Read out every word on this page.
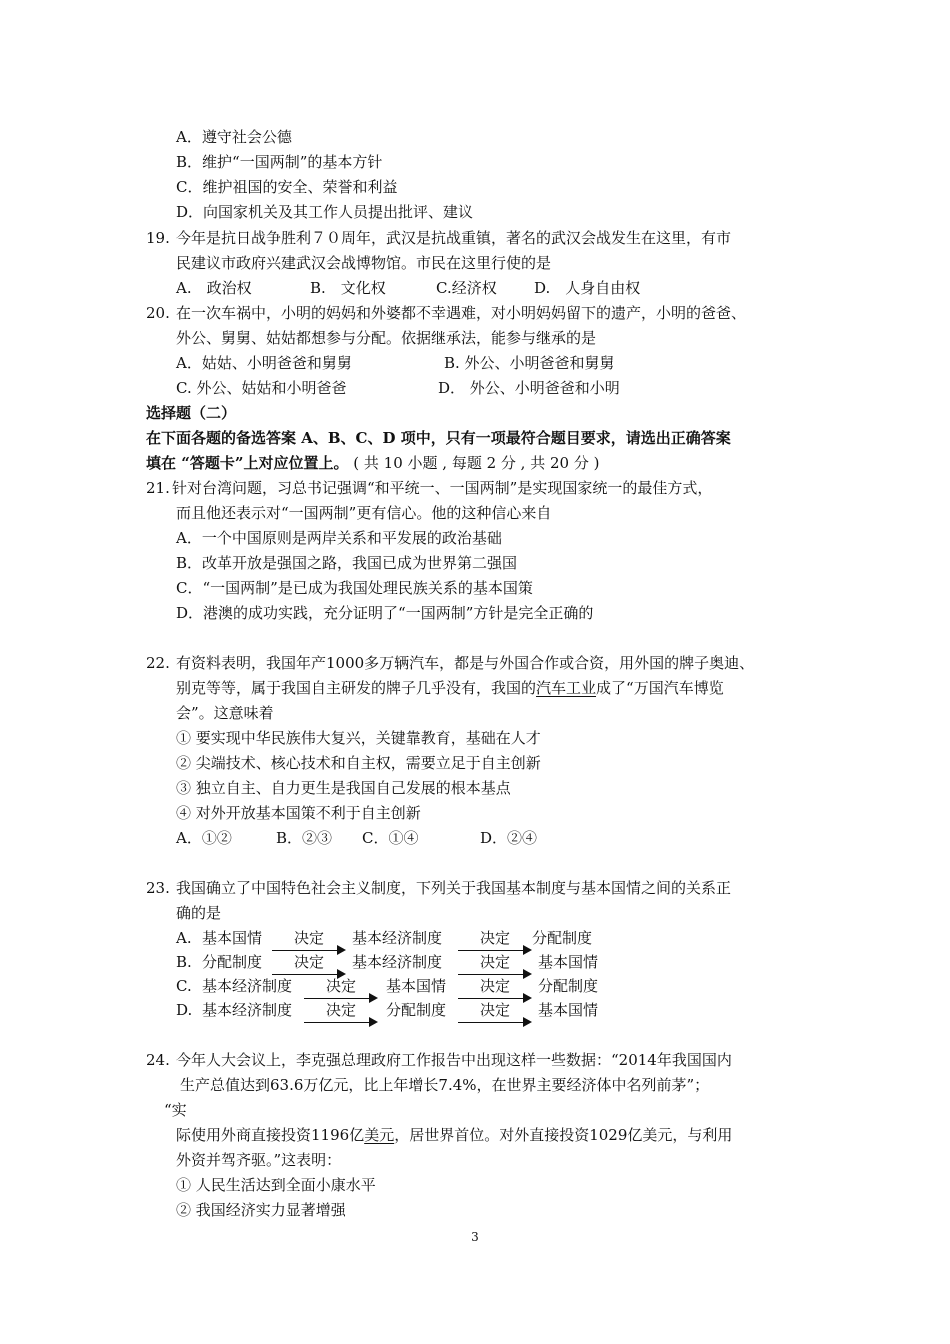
A．遵守社会公德
B．维护“一国两制”的基本方针
C．维护祖国的安全、荣誉和利益
D．向国家机关及其工作人员提出批评、建议
19. 今年是抗日战争胜利７０周年，武汉是抗战重镇，著名的武汉会战发生在这里，有市
民建议市政府兴建武汉会战博物馆。市民在这里行使的是
A.　政治权	B.　文化权	C.经济权 D.　人身自由权
20. 在一次车祸中，小明的妈妈和外婆都不幸遇难，对小明妈妈留下的遗产，小明的爸爸、
外公、舅舅、姑姑都想参与分配。依据继承法，能参与继承的是
A．姑姑、小明爸爸和舅舅	B. 外公、小明爸爸和舅舅
C. 外公、姑姑和小明爸爸	D． 外公、小明爸爸和小明
选择题（二）
在下面各题的备选答案 A、B、C、D 项中，只有一项最符合题目要求，请选出正确答案
填在 “答题卡”上对应位置上。 ( 共 10 小题 , 每题 2 分 , 共 20 分 )
21. 针对台湾问题，习总书记强调“和平统一、一国两制”是实现国家统一的最佳方式，
而且他还表示对“一国两制”更有信心。他的这种信心来自
A．一个中国原则是两岸关系和平发展的政治基础
B．改革开放是强国之路，我国已成为世界第二强国
C．“一国两制”是已成为我国处理民族关系的基本国策
D．港澳的成功实践，充分证明了“一国两制”方针是完全正确的
22. 有资料表明，我国年产1000多万辆汽车，都是与外国合作或合资，用外国的牌子奥迪、
别克等等，属于我国自主研发的牌子几乎没有，我国的汽车工业成了“万国汽车博览
会”。这意味着
① 要实现中华民族伟大复兴，关键靠教育，基础在人才
② 尖端技术、核心技术和自主权，需要立足于自主创新
③ 独立自主、自力更生是我国自己发展的根本基点
④ 对外开放基本国策不利于自主创新
A．①②	B．②③ C．①④	D．②④
23. 我国确立了中国特色社会主义制度，下列关于我国基本制度与基本国情之间的关系正
确的是
A. 基本国情	决定	基本经济制度	决定	分配制度
B. 分配制度	决定	基本经济制度	决定	基本国情
C. 基本经济制度	决定	基本国情	决定	分配制度
D. 基本经济制度	决定	分配制度	决定	基本国情
24. 今年人大会议上，李克强总理政府工作报告中出现这样一些数据：“2014年我国国内
生产总值达到63.6万亿元，比上年增长7.4%，在世界主要经济体中名列前茅”；
“实
际使用外商直接投资1196亿美元，居世界首位。对外直接投资1029亿美元，与利用
外资并驾齐驱。”这表明：
① 人民生活达到全面小康水平
② 我国经济实力显著增强
3
